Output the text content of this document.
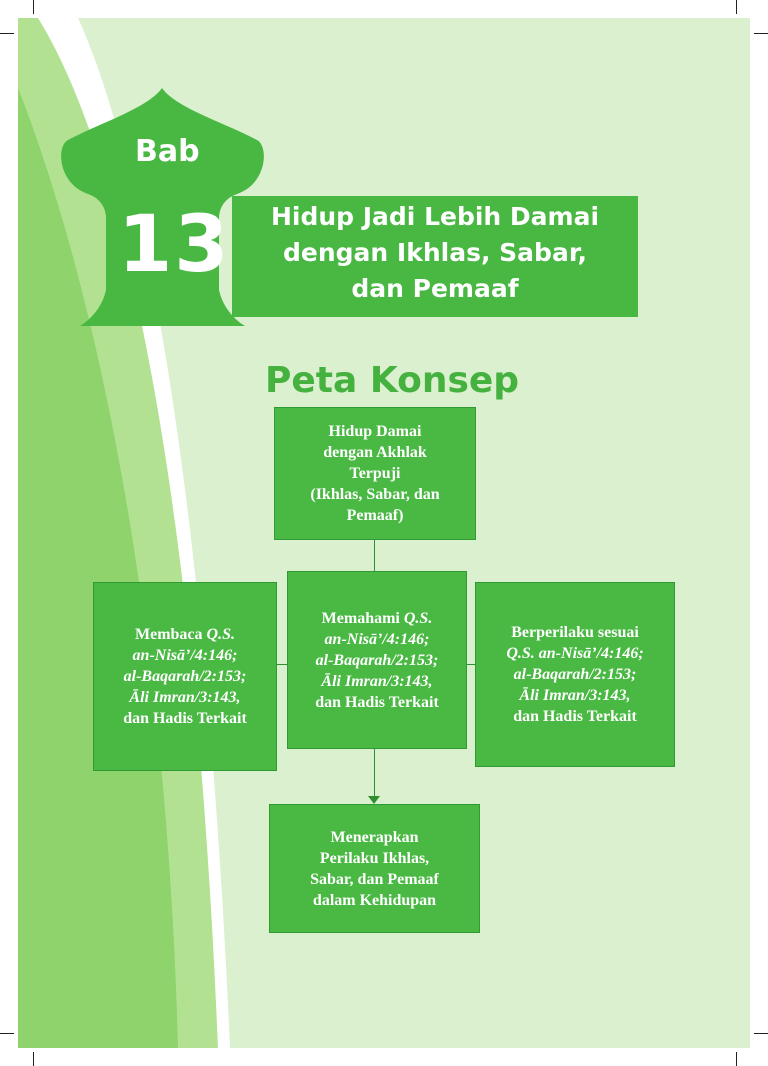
Bab
13	Hidup Jadi Lebih Damai
dengan Ikhlas, Sabar,
dan Pemaaf
Peta Konsep
Hidup Damai
dengan Akhlak
Terpuji
(Ikhlas, Sabar, dan
Pemaaf)
Membaca Q.S.
an-Nisā’/4:146;
al-Baqarah/2:153;
Āli Imran/3:143,
dan Hadis Terkait
Memahami Q.S.
an-Nisā’/4:146;
al-Baqarah/2:153;
Āli Imran/3:143,
dan Hadis Terkait
Berperilaku sesuai
Q.S. an-Nisā’/4:146;
al-Baqarah/2:153;
Āli Imran/3:143,
dan Hadis Terkait
Menerapkan
Perilaku Ikhlas,
Sabar, dan Pemaaf
dalam Kehidupan
